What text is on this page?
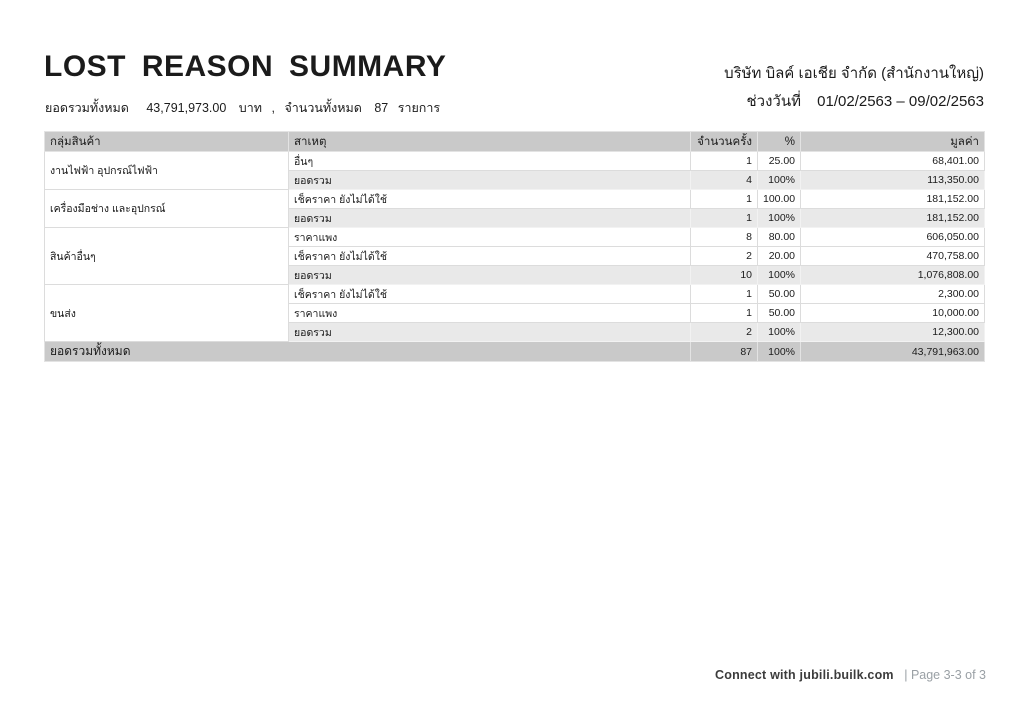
LOST REASON SUMMARY
ยอดรวมทั้งหมด 43,791,973.00 บาท , จำนวนทั้งหมด 87 รายการ
บริษัท บิลค์ เอเชีย จำกัด (สำนักงานใหญ่)
ช่วงวันที่ 01/02/2563 – 09/02/2563
กลุ่มสินค้า	สาเหตุ	จำนวนครั้ง	%	มูลค่า
งานไฟฟ้า อุปกรณ์ไฟฟ้า	อื่นๆ	1	25.00	68,401.00
	ยอดรวม	4	100%	113,350.00
เครื่องมือช่าง และอุปกรณ์	เช็คราคา ยังไม่ได้ใช้	1	100.00	181,152.00
	ยอดรวม	1	100%	181,152.00
สินค้าอื่นๆ	ราคาแพง	8	80.00	606,050.00
	เช็คราคา ยังไม่ได้ใช้	2	20.00	470,758.00
	ยอดรวม	10	100%	1,076,808.00
ขนส่ง	เช็คราคา ยังไม่ได้ใช้	1	50.00	2,300.00
	ราคาแพง	1	50.00	10,000.00
	ยอดรวม	2	100%	12,300.00
ยอดรวมทั้งหมด		87	100%	43,791,963.00
Connect with jubili.builk.com | Page 3-3 of 3
